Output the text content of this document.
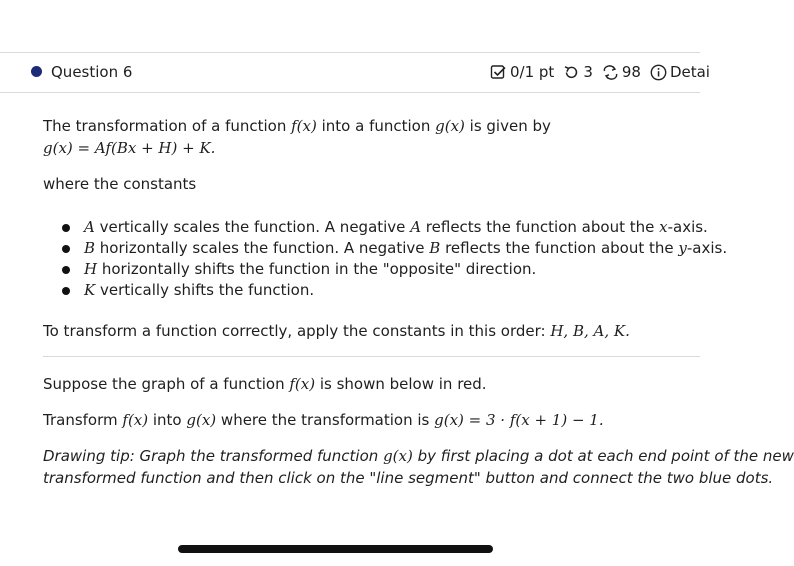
Question 6	0/1 pt 3 98 Detai
The transformation of a function f(x) into a function g(x) is given by
g(x) = Af(Bx + H) + K.
where the constants
A vertically scales the function. A negative A reflects the function about the x-axis.
B horizontally scales the function. A negative B reflects the function about the y-axis.
H horizontally shifts the function in the "opposite" direction.
K vertically shifts the function.
To transform a function correctly, apply the constants in this order: H, B, A, K.
Suppose the graph of a function f(x) is shown below in red.
Transform f(x) into g(x) where the transformation is g(x) = 3 · f(x + 1) − 1.
Drawing tip: Graph the transformed function g(x) by first placing a dot at each end point of the new
transformed function and then click on the "line segment" button and connect the two blue dots.
